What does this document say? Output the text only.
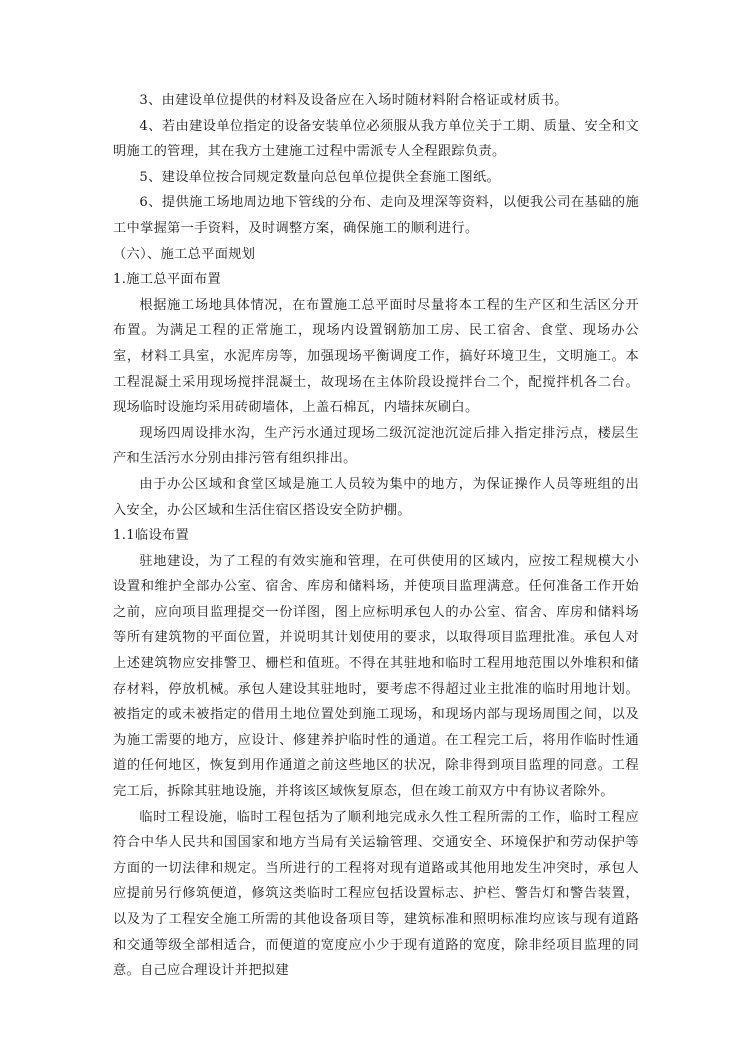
3、由建设单位提供的材料及设备应在入场时随材料附合格证或材质书。

4、若由建设单位指定的设备安装单位必须服从我方单位关于工期、质量、安全和文明施工的管理，其在我方土建施工过程中需派专人全程跟踪负责。

5、建设单位按合同规定数量向总包单位提供全套施工图纸。

6、提供施工场地周边地下管线的分布、走向及埋深等资料，以便我公司在基础的施工中掌握第一手资料，及时调整方案，确保施工的顺利进行。

（六）、施工总平面规划

1.施工总平面布置

根据施工场地具体情况，在布置施工总平面时尽量将本工程的生产区和生活区分开布置。为满足工程的正常施工，现场内设置钢筋加工房、民工宿舍、食堂、现场办公室，材料工具室，水泥库房等，加强现场平衡调度工作，搞好环境卫生，文明施工。本工程混凝土采用现场搅拌混凝土，故现场在主体阶段设搅拌台二个，配搅拌机各二台。现场临时设施均采用砖砌墙体，上盖石棉瓦，内墙抹灰刷白。

现场四周设排水沟，生产污水通过现场二级沉淀池沉淀后排入指定排污点，楼层生产和生活污水分别由排污管有组织排出。

由于办公区域和食堂区域是施工人员较为集中的地方，为保证操作人员等班组的出入安全，办公区域和生活住宿区搭设安全防护棚。

1.1临设布置

驻地建设，为了工程的有效实施和管理，在可供使用的区域内，应按工程规模大小设置和维护全部办公室、宿舍、库房和储料场，并使项目监理满意。任何准备工作开始之前，应向项目监理提交一份详图，图上应标明承包人的办公室、宿舍、库房和储料场等所有建筑物的平面位置，并说明其计划使用的要求，以取得项目监理批准。承包人对上述建筑物应安排警卫、栅栏和值班。不得在其驻地和临时工程用地范围以外堆积和储存材料，停放机械。承包人建设其驻地时，要考虑不得超过业主批准的临时用地计划。被指定的或未被指定的借用土地位置处到施工现场，和现场内部与现场周围之间，以及为施工需要的地方，应设计、修建养护临时性的通道。在工程完工后，将用作临时性通道的任何地区，恢复到用作通道之前这些地区的状况，除非得到项目监理的同意。工程完工后，拆除其驻地设施，并将该区域恢复原态，但在竣工前双方中有协议者除外。

临时工程设施，临时工程包括为了顺利地完成永久性工程所需的工作，临时工程应符合中华人民共和国国家和地方当局有关运输管理、交通安全、环境保护和劳动保护等方面的一切法律和规定。当所进行的工程将对现有道路或其他用地发生冲突时，承包人应提前另行修筑便道，修筑这类临时工程应包括设置标志、护栏、警告灯和警告装置，以及为了工程安全施工所需的其他设备项目等，建筑标准和照明标准均应该与现有道路和交通等级全部相适合，而便道的宽度应小少于现有道路的宽度，除非经项目监理的同意。自己应合理设计并把拟建
